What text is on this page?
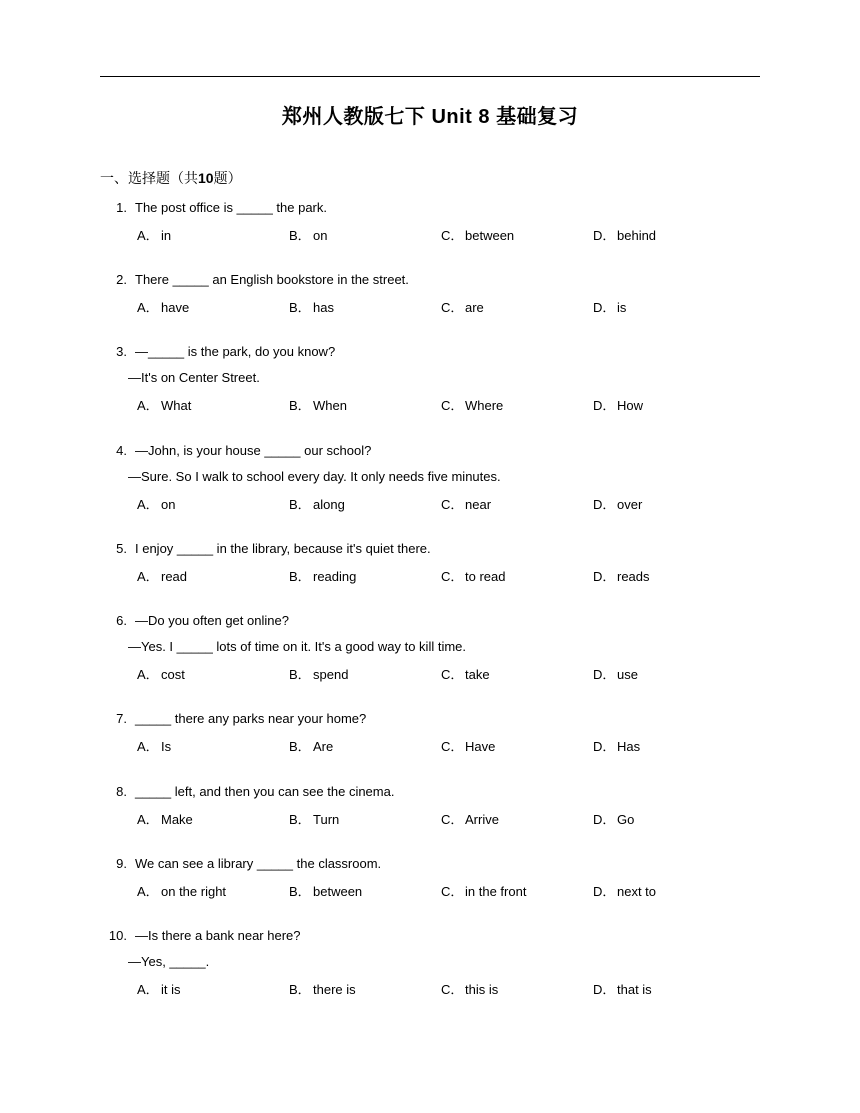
郑州人教版七下 Unit 8 基础复习
一、选择题（共10题）
1. The post office is _____ the park.
A． in	B． on	C． between	D． behind
2. There _____ an English bookstore in the street.
A． have	B． has	C． are	D． is
3. —_____ is the park, do you know?
—It's on Center Street.
A． What	B． When	C． Where	D． How
4. —John, is your house _____ our school?
—Sure. So I walk to school every day. It only needs five minutes.
A． on	B． along	C． near	D． over
5. I enjoy _____ in the library, because it's quiet there.
A． read	B． reading	C． to read	D． reads
6. —Do you often get online?
—Yes. I _____ lots of time on it. It's a good way to kill time.
A． cost	B． spend	C． take	D． use
7. _____ there any parks near your home?
A． Is	B． Are	C． Have	D． Has
8. _____ left, and then you can see the cinema.
A． Make	B． Turn	C． Arrive	D． Go
9. We can see a library _____ the classroom.
A． on the right	B． between	C． in the front	D． next to
10. —Is there a bank near here?
—Yes, _____.
A． it is	B． there is	C． this is	D． that is
